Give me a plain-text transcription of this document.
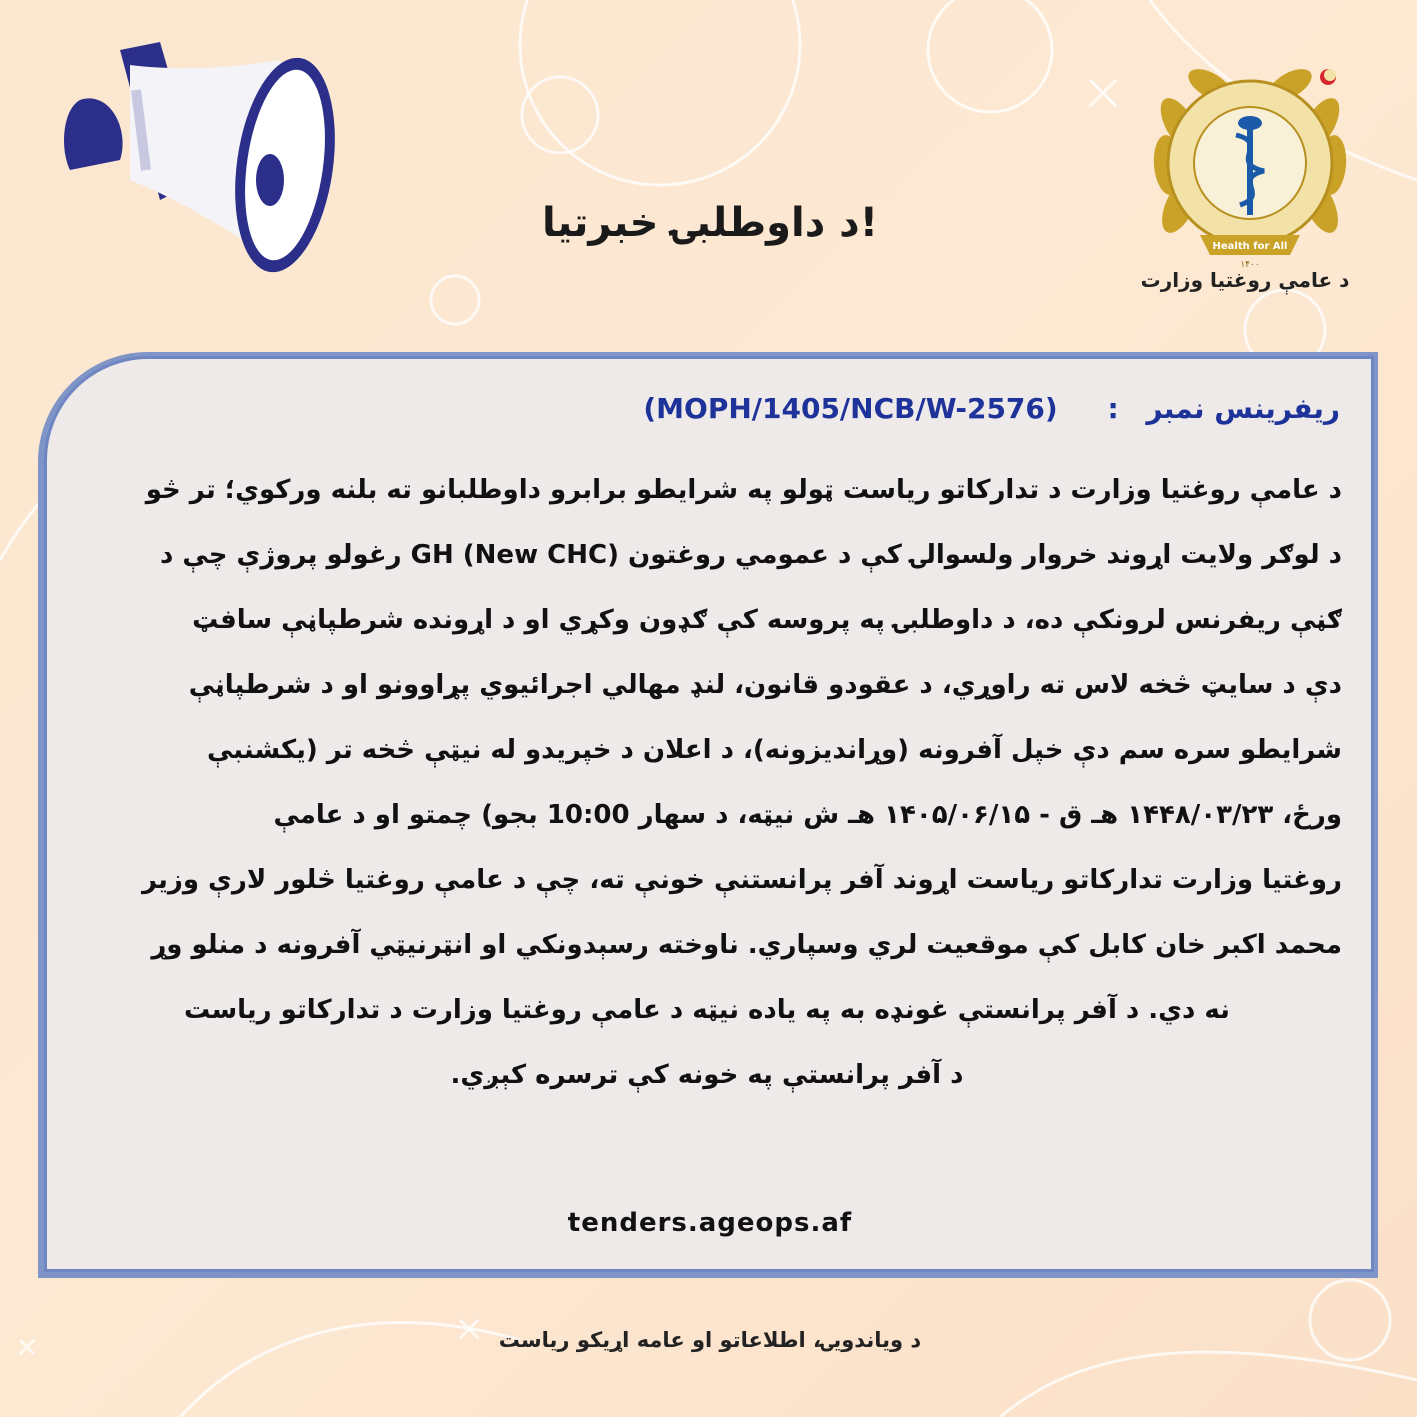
Health for All
۱۴۰۰
د عامې روغتیا وزارت
د داوطلبۍ خبرتیا!
ریفرینس نمبر : (MOPH/1405/NCB/W-2576)
د عامې روغتیا وزارت د تدارکاتو ریاست ټولو په شرایطو برابرو داوطلبانو ته بلنه ورکوي؛ تر څو
د لوګر ولایت اړوند خروار ولسوالۍ کې د عمومي روغتون (New CHC) GH رغولو پروژې چې د
ګڼې ریفرنس لرونکې ده، د داوطلبۍ په پروسه کې ګډون وکړي او د اړونده شرطپاڼې سافټ
دې د سایټ څخه لاس ته راوړي، د عقودو قانون، لنډ مهالي اجرائیوي پړاوونو او د شرطپاڼې
شرایطو سره سم دې خپل آفرونه (وړاندیزونه)، د اعلان د خپریدو له نیټې څخه تر (یکشنبې
ورځ، ۱۴۴۸/۰۳/۲۳ هـ ق - ۱۴۰۵/۰۶/۱۵ هـ ش نیټه، د سهار 10:00 بجو) چمتو او د عامې
روغتیا وزارت تدارکاتو ریاست اړوند آفر پرانستنې خونې ته، چې د عامې روغتیا څلور لارې وزیر
محمد اکبر خان کابل کې موقعیت لري وسپاري. ناوخته رسېدونکي او انټرنیټي آفرونه د منلو وړ
نه دي. د آفر پرانستې غونډه به په یاده نیټه د عامې روغتیا وزارت د تدارکاتو ریاست
د آفر پرانستې په خونه کې ترسره کېږي.
tenders.ageops.af
د ویاندویۍ، اطلاعاتو او عامه اړیکو ریاست
